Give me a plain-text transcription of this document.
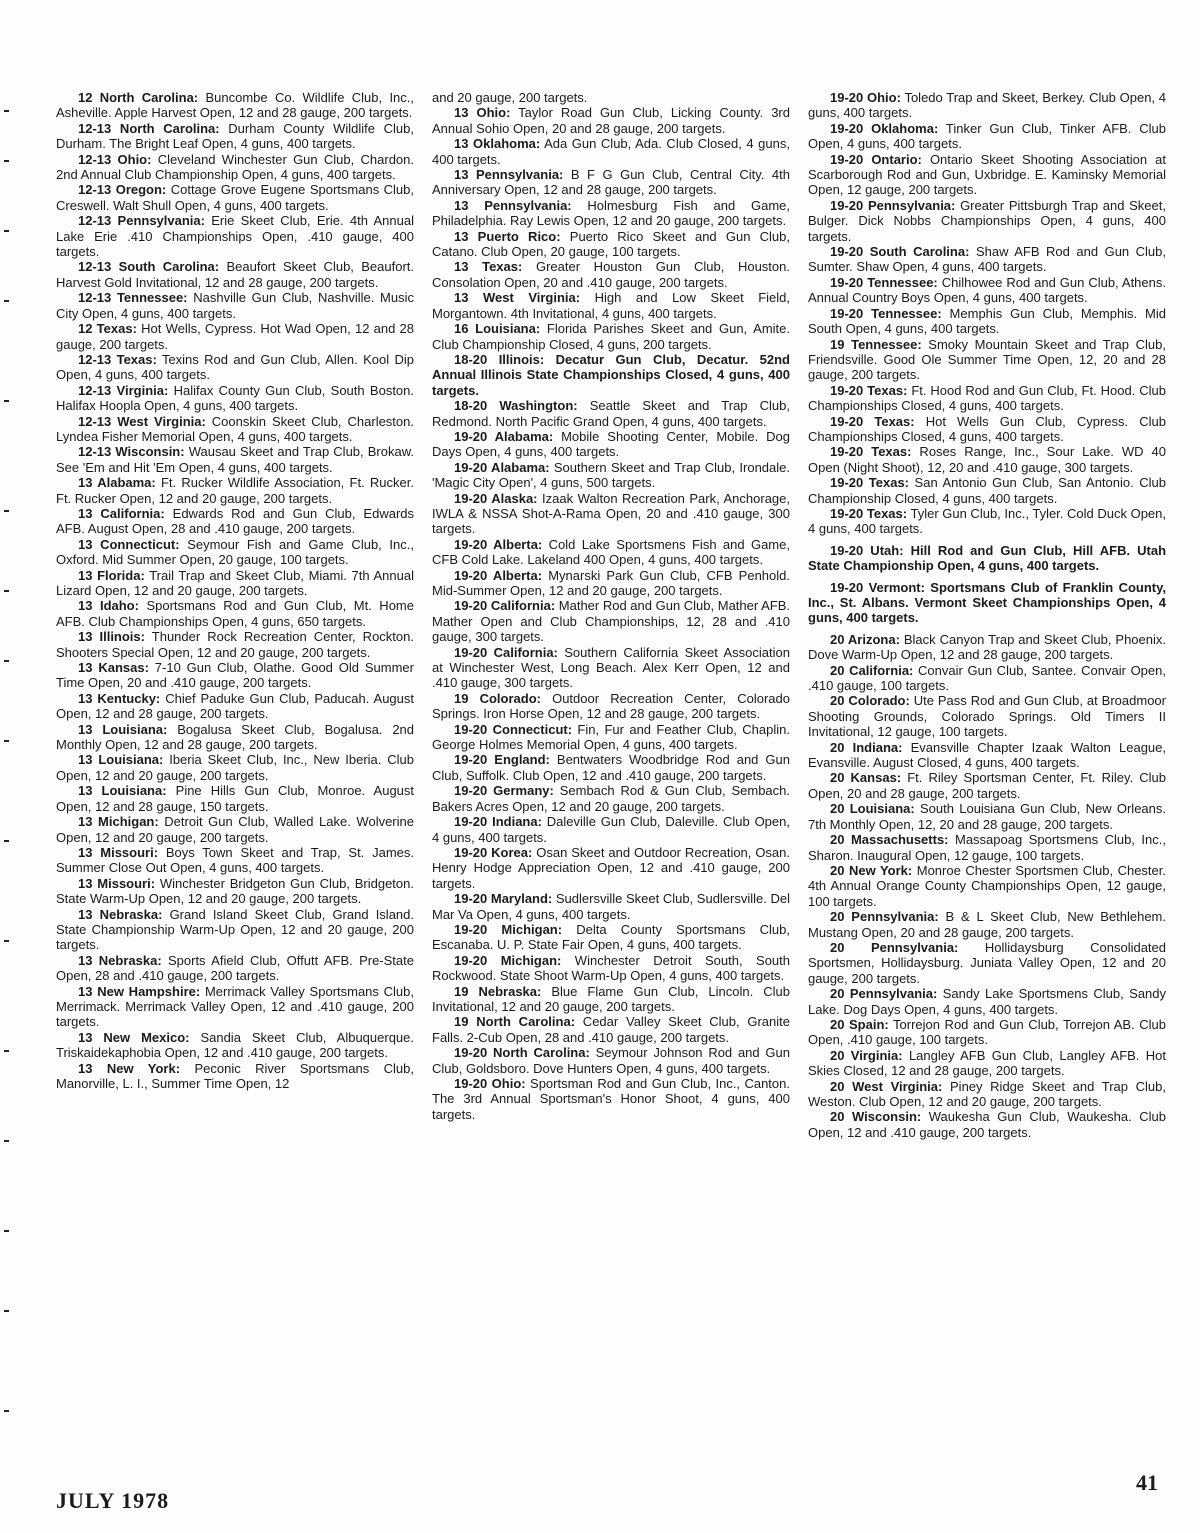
12 North Carolina: Buncombe Co. Wildlife Club, Inc., Asheville. Apple Harvest Open, 12 and 28 gauge, 200 targets.

12-13 North Carolina: Durham County Wildlife Club, Durham. The Bright Leaf Open, 4 guns, 400 targets.

12-13 Ohio: Cleveland Winchester Gun Club, Chardon. 2nd Annual Club Championship Open, 4 guns, 400 targets.

12-13 Oregon: Cottage Grove Eugene Sportsmans Club, Creswell. Walt Shull Open, 4 guns, 400 targets.

12-13 Pennsylvania: Erie Skeet Club, Erie. 4th Annual Lake Erie .410 Championships Open, .410 gauge, 400 targets.

12-13 South Carolina: Beaufort Skeet Club, Beaufort. Harvest Gold Invitational, 12 and 28 gauge, 200 targets.

12-13 Tennessee: Nashville Gun Club, Nashville. Music City Open, 4 guns, 400 targets.

12 Texas: Hot Wells, Cypress. Hot Wad Open, 12 and 28 gauge, 200 targets.

12-13 Texas: Texins Rod and Gun Club, Allen. Kool Dip Open, 4 guns, 400 targets.

12-13 Virginia: Halifax County Gun Club, South Boston. Halifax Hoopla Open, 4 guns, 400 targets.

12-13 West Virginia: Coonskin Skeet Club, Charleston. Lyndea Fisher Memorial Open, 4 guns, 400 targets.

12-13 Wisconsin: Wausau Skeet and Trap Club, Brokaw. See 'Em and Hit 'Em Open, 4 guns, 400 targets.

13 Alabama: Ft. Rucker Wildlife Association, Ft. Rucker. Ft. Rucker Open, 12 and 20 gauge, 200 targets.

13 California: Edwards Rod and Gun Club, Edwards AFB. August Open, 28 and .410 gauge, 200 targets.

13 Connecticut: Seymour Fish and Game Club, Inc., Oxford. Mid Summer Open, 20 gauge, 100 targets.

13 Florida: Trail Trap and Skeet Club, Miami. 7th Annual Lizard Open, 12 and 20 gauge, 200 targets.

13 Idaho: Sportsmans Rod and Gun Club, Mt. Home AFB. Club Championships Open, 4 guns, 650 targets.

13 Illinois: Thunder Rock Recreation Center, Rockton. Shooters Special Open, 12 and 20 gauge, 200 targets.

13 Kansas: 7-10 Gun Club, Olathe. Good Old Summer Time Open, 20 and .410 gauge, 200 targets.

13 Kentucky: Chief Paduke Gun Club, Paducah. August Open, 12 and 28 gauge, 200 targets.

13 Louisiana: Bogalusa Skeet Club, Bogalusa. 2nd Monthly Open, 12 and 28 gauge, 200 targets.

13 Louisiana: Iberia Skeet Club, Inc., New Iberia. Club Open, 12 and 20 gauge, 200 targets.

13 Louisiana: Pine Hills Gun Club, Monroe. August Open, 12 and 28 gauge, 150 targets.

13 Michigan: Detroit Gun Club, Walled Lake. Wolverine Open, 12 and 20 gauge, 200 targets.

13 Missouri: Boys Town Skeet and Trap, St. James. Summer Close Out Open, 4 guns, 400 targets.

13 Missouri: Winchester Bridgeton Gun Club, Bridgeton. State Warm-Up Open, 12 and 20 gauge, 200 targets.

13 Nebraska: Grand Island Skeet Club, Grand Island. State Championship Warm-Up Open, 12 and 20 gauge, 200 targets.

13 Nebraska: Sports Afield Club, Offutt AFB. Pre-State Open, 28 and .410 gauge, 200 targets.

13 New Hampshire: Merrimack Valley Sportsmans Club, Merrimack. Merrimack Valley Open, 12 and .410 gauge, 200 targets.

13 New Mexico: Sandia Skeet Club, Albuquerque. Triskaidekaphobia Open, 12 and .410 gauge, 200 targets.

13 New York: Peconic River Sportsmans Club, Manorville, L. I., Summer Time Open, 12

and 20 gauge, 200 targets.

13 Ohio: Taylor Road Gun Club, Licking County. 3rd Annual Sohio Open, 20 and 28 gauge, 200 targets.

13 Oklahoma: Ada Gun Club, Ada. Club Closed, 4 guns, 400 targets.

13 Pennsylvania: B F G Gun Club, Central City. 4th Anniversary Open, 12 and 28 gauge, 200 targets.

13 Pennsylvania: Holmesburg Fish and Game, Philadelphia. Ray Lewis Open, 12 and 20 gauge, 200 targets.

13 Puerto Rico: Puerto Rico Skeet and Gun Club, Catano. Club Open, 20 gauge, 100 targets.

13 Texas: Greater Houston Gun Club, Houston. Consolation Open, 20 and .410 gauge, 200 targets.

13 West Virginia: High and Low Skeet Field, Morgantown. 4th Invitational, 4 guns, 400 targets.

16 Louisiana: Florida Parishes Skeet and Gun, Amite. Club Championship Closed, 4 guns, 200 targets.

18-20 Illinois: Decatur Gun Club, Decatur. 52nd Annual Illinois State Championships Closed, 4 guns, 400 targets.

18-20 Washington: Seattle Skeet and Trap Club, Redmond. North Pacific Grand Open, 4 guns, 400 targets.

19-20 Alabama: Mobile Shooting Center, Mobile. Dog Days Open, 4 guns, 400 targets.

19-20 Alabama: Southern Skeet and Trap Club, Irondale. 'Magic City Open', 4 guns, 500 targets.

19-20 Alaska: Izaak Walton Recreation Park, Anchorage, IWLA & NSSA Shot-A-Rama Open, 20 and .410 gauge, 300 targets.

19-20 Alberta: Cold Lake Sportsmens Fish and Game, CFB Cold Lake. Lakeland 400 Open, 4 guns, 400 targets.

19-20 Alberta: Mynarski Park Gun Club, CFB Penhold. Mid-Summer Open, 12 and 20 gauge, 200 targets.

19-20 California: Mather Rod and Gun Club, Mather AFB. Mather Open and Club Championships, 12, 28 and .410 gauge, 300 targets.

19-20 California: Southern California Skeet Association at Winchester West, Long Beach. Alex Kerr Open, 12 and .410 gauge, 300 targets.

19 Colorado: Outdoor Recreation Center, Colorado Springs. Iron Horse Open, 12 and 28 gauge, 200 targets.

19-20 Connecticut: Fin, Fur and Feather Club, Chaplin. George Holmes Memorial Open, 4 guns, 400 targets.

19-20 England: Bentwaters Woodbridge Rod and Gun Club, Suffolk. Club Open, 12 and .410 gauge, 200 targets.

19-20 Germany: Sembach Rod & Gun Club, Sembach. Bakers Acres Open, 12 and 20 gauge, 200 targets.

19-20 Indiana: Daleville Gun Club, Daleville. Club Open, 4 guns, 400 targets.

19-20 Korea: Osan Skeet and Outdoor Recreation, Osan. Henry Hodge Appreciation Open, 12 and .410 gauge, 200 targets.

19-20 Maryland: Sudlersville Skeet Club, Sudlersville. Del Mar Va Open, 4 guns, 400 targets.

19-20 Michigan: Delta County Sportsmans Club, Escanaba. U. P. State Fair Open, 4 guns, 400 targets.

19-20 Michigan: Winchester Detroit South, South Rockwood. State Shoot Warm-Up Open, 4 guns, 400 targets.

19 Nebraska: Blue Flame Gun Club, Lincoln. Club Invitational, 12 and 20 gauge, 200 targets.

19 North Carolina: Cedar Valley Skeet Club, Granite Falls. 2-Cub Open, 28 and .410 gauge, 200 targets.

19-20 North Carolina: Seymour Johnson Rod and Gun Club, Goldsboro. Dove Hunters Open, 4 guns, 400 targets.

19-20 Ohio: Sportsman Rod and Gun Club, Inc., Canton. The 3rd Annual Sportsman's Honor Shoot, 4 guns, 400 targets.

19-20 Ohio: Toledo Trap and Skeet, Berkey. Club Open, 4 guns, 400 targets.

19-20 Oklahoma: Tinker Gun Club, Tinker AFB. Club Open, 4 guns, 400 targets.

19-20 Ontario: Ontario Skeet Shooting Association at Scarborough Rod and Gun, Uxbridge. E. Kaminsky Memorial Open, 12 gauge, 200 targets.

19-20 Pennsylvania: Greater Pittsburgh Trap and Skeet, Bulger. Dick Nobbs Championships Open, 4 guns, 400 targets.

19-20 South Carolina: Shaw AFB Rod and Gun Club, Sumter. Shaw Open, 4 guns, 400 targets.

19-20 Tennessee: Chilhowee Rod and Gun Club, Athens. Annual Country Boys Open, 4 guns, 400 targets.

19-20 Tennessee: Memphis Gun Club, Memphis. Mid South Open, 4 guns, 400 targets.

19 Tennessee: Smoky Mountain Skeet and Trap Club, Friendsville. Good Ole Summer Time Open, 12, 20 and 28 gauge, 200 targets.

19-20 Texas: Ft. Hood Rod and Gun Club, Ft. Hood. Club Championships Closed, 4 guns, 400 targets.

19-20 Texas: Hot Wells Gun Club, Cypress. Club Championships Closed, 4 guns, 400 targets.

19-20 Texas: Roses Range, Inc., Sour Lake. WD 40 Open (Night Shoot), 12, 20 and .410 gauge, 300 targets.

19-20 Texas: San Antonio Gun Club, San Antonio. Club Championship Closed, 4 guns, 400 targets.

19-20 Texas: Tyler Gun Club, Inc., Tyler. Cold Duck Open, 4 guns, 400 targets.

19-20 Utah: Hill Rod and Gun Club, Hill AFB. Utah State Championship Open, 4 guns, 400 targets.

19-20 Vermont: Sportsmans Club of Franklin County, Inc., St. Albans. Vermont Skeet Championships Open, 4 guns, 400 targets.

20 Arizona: Black Canyon Trap and Skeet Club, Phoenix. Dove Warm-Up Open, 12 and 28 gauge, 200 targets.

20 California: Convair Gun Club, Santee. Convair Open, .410 gauge, 100 targets.

20 Colorado: Ute Pass Rod and Gun Club, at Broadmoor Shooting Grounds, Colorado Springs. Old Timers II Invitational, 12 gauge, 100 targets.

20 Indiana: Evansville Chapter Izaak Walton League, Evansville. August Closed, 4 guns, 400 targets.

20 Kansas: Ft. Riley Sportsman Center, Ft. Riley. Club Open, 20 and 28 gauge, 200 targets.

20 Louisiana: South Louisiana Gun Club, New Orleans. 7th Monthly Open, 12, 20 and 28 gauge, 200 targets.

20 Massachusetts: Massapoag Sportsmens Club, Inc., Sharon. Inaugural Open, 12 gauge, 100 targets.

20 New York: Monroe Chester Sportsmen Club, Chester. 4th Annual Orange County Championships Open, 12 gauge, 100 targets.

20 Pennsylvania: B & L Skeet Club, New Bethlehem. Mustang Open, 20 and 28 gauge, 200 targets.

20 Pennsylvania: Hollidaysburg Consolidated Sportsmen, Hollidaysburg. Juniata Valley Open, 12 and 20 gauge, 200 targets.

20 Pennsylvania: Sandy Lake Sportsmens Club, Sandy Lake. Dog Days Open, 4 guns, 400 targets.

20 Spain: Torrejon Rod and Gun Club, Torrejon AB. Club Open, .410 gauge, 100 targets.

20 Virginia: Langley AFB Gun Club, Langley AFB. Hot Skies Closed, 12 and 28 gauge, 200 targets.

20 West Virginia: Piney Ridge Skeet and Trap Club, Weston. Club Open, 12 and 20 gauge, 200 targets.

20 Wisconsin: Waukesha Gun Club, Waukesha. Club Open, 12 and .410 gauge, 200 targets.

JULY 1978
41
